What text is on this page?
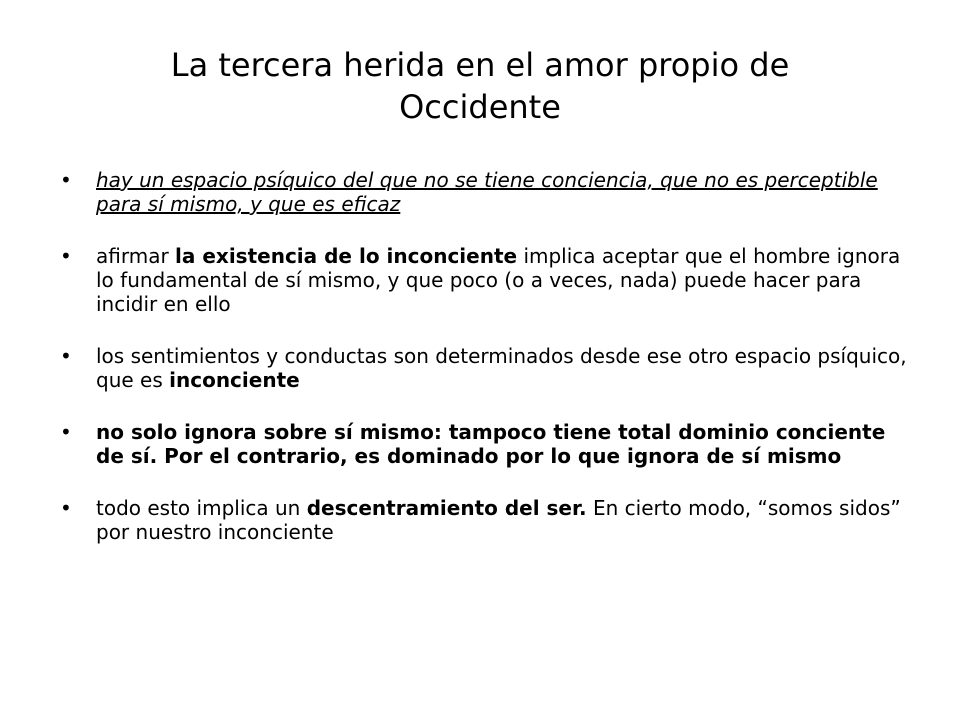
La tercera herida en el amor propio de
Occidente
• hay un espacio psíquico del que no se tiene conciencia, que no es perceptible para sí mismo, y que es eficaz
• afirmar la existencia de lo inconciente implica aceptar que el hombre ignora lo fundamental de sí mismo, y que poco (o a veces, nada) puede hacer para incidir en ello
• los sentimientos y conductas son determinados desde ese otro espacio psíquico, que es inconciente
• no solo ignora sobre sí mismo: tampoco tiene total dominio conciente de sí. Por el contrario, es dominado por lo que ignora de sí mismo
• todo esto implica un descentramiento del ser. En cierto modo, “somos sidos” por nuestro inconciente
